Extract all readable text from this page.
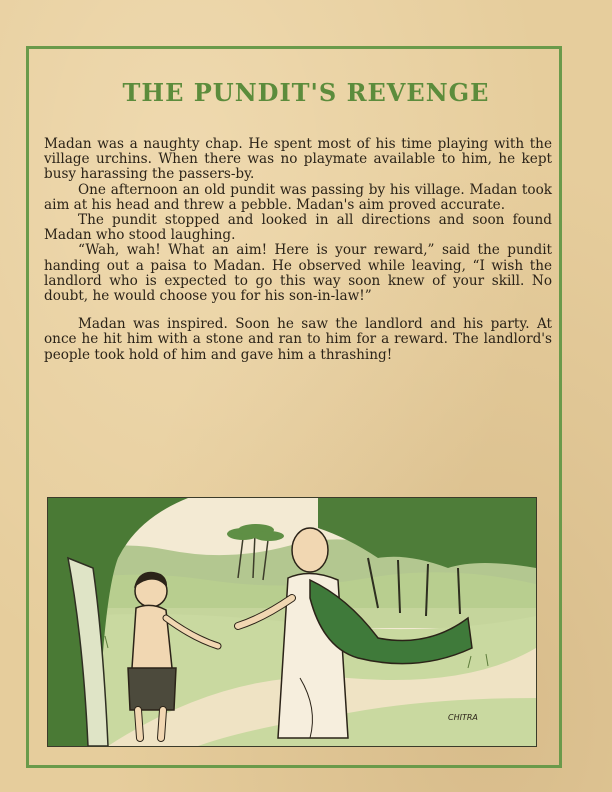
THE PUNDIT'S REVENGE

Madan was a naughty chap. He spent most of his time playing with the village urchins. When there was no playmate available to him, he kept busy harassing the passers-by.

One afternoon an old pundit was passing by his village. Madan took aim at his head and threw a pebble. Madan's aim proved accurate.

The pundit stopped and looked in all directions and soon found Madan who stood laughing.

“Wah, wah! What an aim! Here is your reward,” said the pundit handing out a paisa to Madan. He observed while leaving, “I wish the landlord who is expected to go this way soon knew of your skill. No doubt, he would choose you for his son-in-law!”

Madan was inspired. Soon he saw the landlord and his party. At once he hit him with a stone and ran to him for a reward. The landlord's people took hold of him and gave him a thrashing!

CHITRA
